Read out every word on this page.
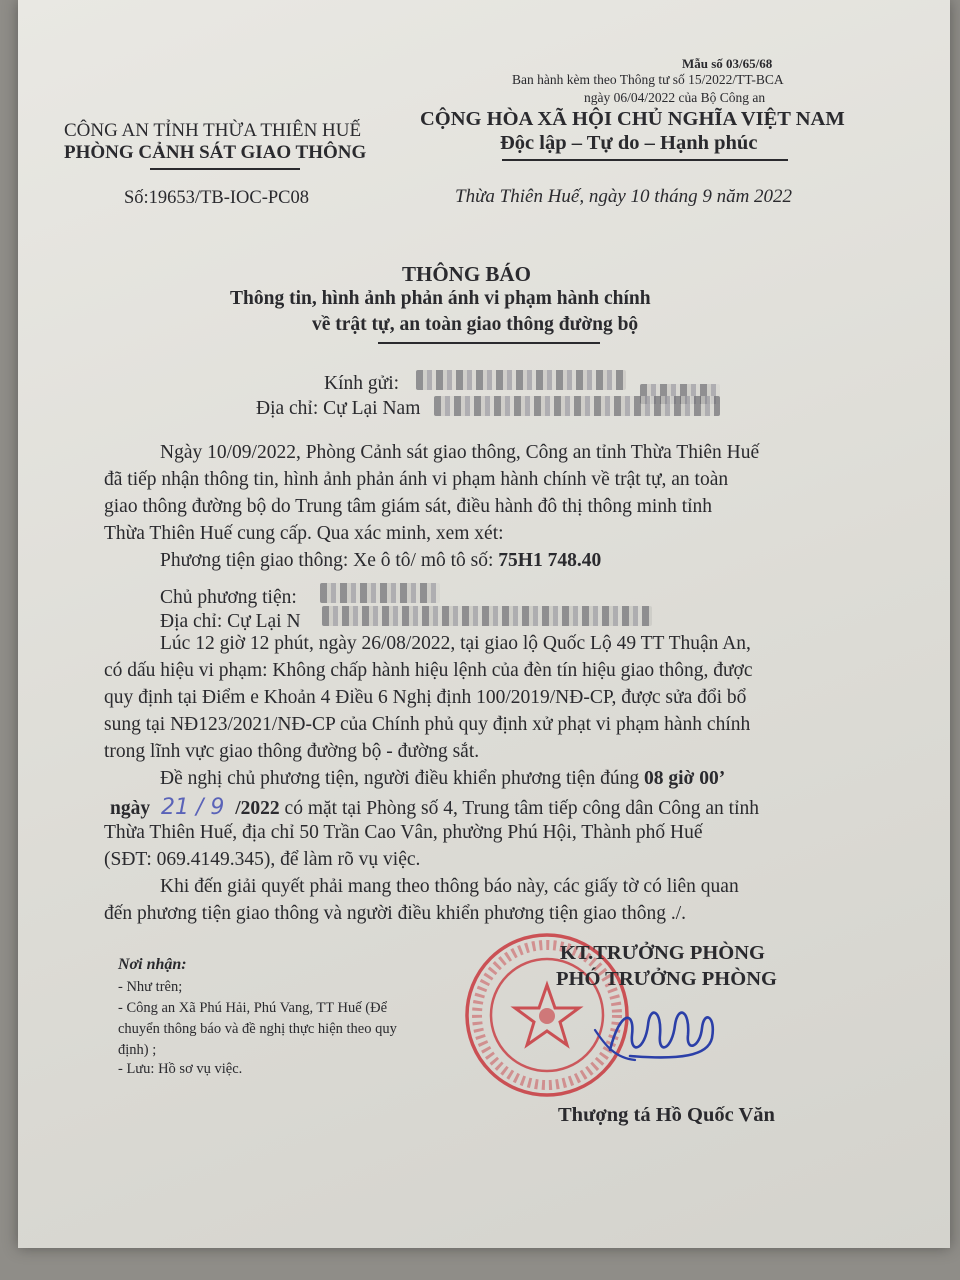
Mẫu số 03/65/68
Ban hành kèm theo Thông tư số 15/2022/TT-BCA
ngày 06/04/2022 của Bộ Công an
CÔNG AN TỈNH THỪA THIÊN HUẾ
PHÒNG CẢNH SÁT GIAO THÔNG
Số:19653/TB-IOC-PC08
CỘNG HÒA XÃ HỘI CHỦ NGHĨA VIỆT NAM
Độc lập – Tự do – Hạnh phúc
Thừa Thiên Huế, ngày 10 tháng 9 năm 2022
THÔNG BÁO
Thông tin, hình ảnh phản ánh vi phạm hành chính
về trật tự, an toàn giao thông đường bộ
Kính gửi:
Địa chỉ: Cự Lại Nam
Ngày 10/09/2022, Phòng Cảnh sát giao thông, Công an tỉnh Thừa Thiên Huế
đã tiếp nhận thông tin, hình ảnh phản ánh vi phạm hành chính về trật tự, an toàn
giao thông đường bộ do Trung tâm giám sát, điều hành đô thị thông minh tỉnh
Thừa Thiên Huế cung cấp. Qua xác minh, xem xét:
Phương tiện giao thông: Xe ô tô/ mô tô số: 75H1 748.40
Chủ phương tiện:
Địa chỉ: Cự Lại N
Lúc 12 giờ 12 phút, ngày 26/08/2022, tại giao lộ Quốc Lộ 49 TT Thuận An,
có dấu hiệu vi phạm: Không chấp hành hiệu lệnh của đèn tín hiệu giao thông, được
quy định tại Điểm e Khoản 4 Điều 6 Nghị định 100/2019/NĐ-CP, được sửa đổi bổ
sung tại NĐ123/2021/NĐ-CP của Chính phủ quy định xử phạt vi phạm hành chính
trong lĩnh vực giao thông đường bộ - đường sắt.
Đề nghị chủ phương tiện, người điều khiển phương tiện đúng 08 giờ 00’
ngày 21 / 9 /2022 có mặt tại Phòng số 4, Trung tâm tiếp công dân Công an tỉnh
Thừa Thiên Huế, địa chỉ 50 Trần Cao Vân, phường Phú Hội, Thành phố Huế
(SĐT: 069.4149.345), để làm rõ vụ việc.
Khi đến giải quyết phải mang theo thông báo này, các giấy tờ có liên quan
đến phương tiện giao thông và người điều khiển phương tiện giao thông ./.
Nơi nhận:
- Như trên;
- Công an Xã Phú Hải, Phú Vang, TT Huế (Để
chuyển thông báo và đề nghị thực hiện theo quy
định) ;
- Lưu: Hồ sơ vụ việc.
KT.TRƯỞNG PHÒNG
PHÓ TRƯỞNG PHÒNG
Thượng tá Hồ Quốc Văn
